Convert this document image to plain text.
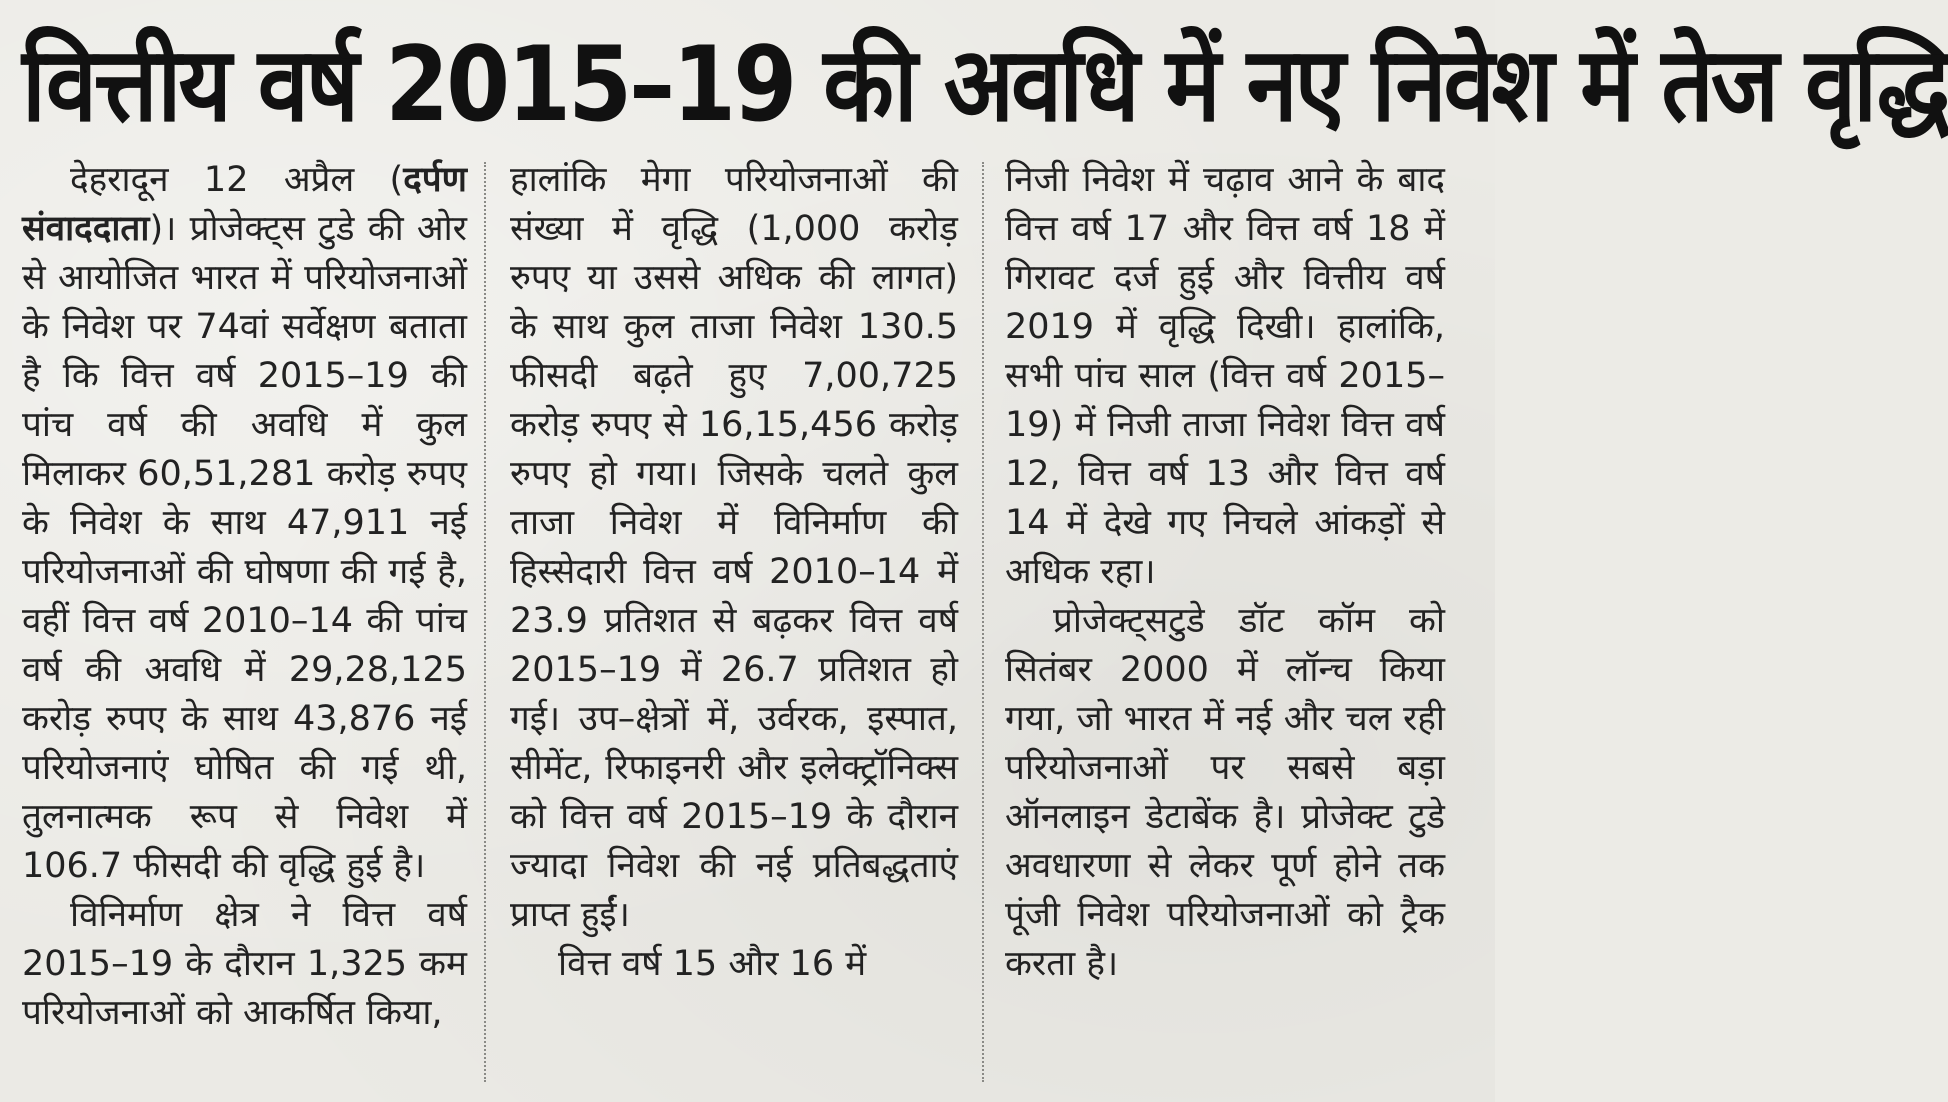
वित्तीय वर्ष 2015–19 की अवधि में नए निवेश में तेज वृद्धि

देहरादून 12 अप्रैल (दर्पण संवाददाता)। प्रोजेक्ट्स टुडे की ओर से आयोजित भारत में परियोजनाओं के निवेश पर 74वां सर्वेक्षण बताता है कि वित्त वर्ष 2015–19 की पांच वर्ष की अवधि में कुल मिलाकर 60,51,281 करोड़ रुपए के निवेश के साथ 47,911 नई परियोजनाओं की घोषणा की गई है, वहीं वित्त वर्ष 2010–14 की पांच वर्ष की अवधि में 29,28,125 करोड़ रुपए के साथ 43,876 नई परियोजनाएं घोषित की गई थी, तुलनात्मक रूप से निवेश में 106.7 फीसदी की वृद्धि हुई है।

विनिर्माण क्षेत्र ने वित्त वर्ष 2015–19 के दौरान 1,325 कम परियोजनाओं को आकर्षित किया,

हालांकि मेगा परियोजनाओं की संख्या में वृद्धि (1,000 करोड़ रुपए या उससे अधिक की लागत) के साथ कुल ताजा निवेश 130.5 फीसदी बढ़ते हुए 7,00,725 करोड़ रुपए से 16,15,456 करोड़ रुपए हो गया। जिसके चलते कुल ताजा निवेश में विनिर्माण की हिस्सेदारी वित्त वर्ष 2010–14 में 23.9 प्रतिशत से बढ़कर वित्त वर्ष 2015–19 में 26.7 प्रतिशत हो गई। उप–क्षेत्रों में, उर्वरक, इस्पात, सीमेंट, रिफाइनरी और इलेक्ट्रॉनिक्स को वित्त वर्ष 2015–19 के दौरान ज्यादा निवेश की नई प्रतिबद्धताएं प्राप्त हुईं।

वित्त वर्ष 15 और 16 में

निजी निवेश में चढ़ाव आने के बाद वित्त वर्ष 17 और वित्त वर्ष 18 में गिरावट दर्ज हुई और वित्तीय वर्ष 2019 में वृद्धि दिखी। हालांकि, सभी पांच साल (वित्त वर्ष 2015–19) में निजी ताजा निवेश वित्त वर्ष 12, वित्त वर्ष 13 और वित्त वर्ष 14 में देखे गए निचले आंकड़ों से अधिक रहा।

प्रोजेक्ट्सटुडे डॉट कॉम को सितंबर 2000 में लॉन्च किया गया, जो भारत में नई और चल रही परियोजनाओं पर सबसे बड़ा ऑनलाइन डेटाबेंक है। प्रोजेक्ट टुडे अवधारणा से लेकर पूर्ण होने तक पूंजी निवेश परियोजनाओं को ट्रैक करता है।
